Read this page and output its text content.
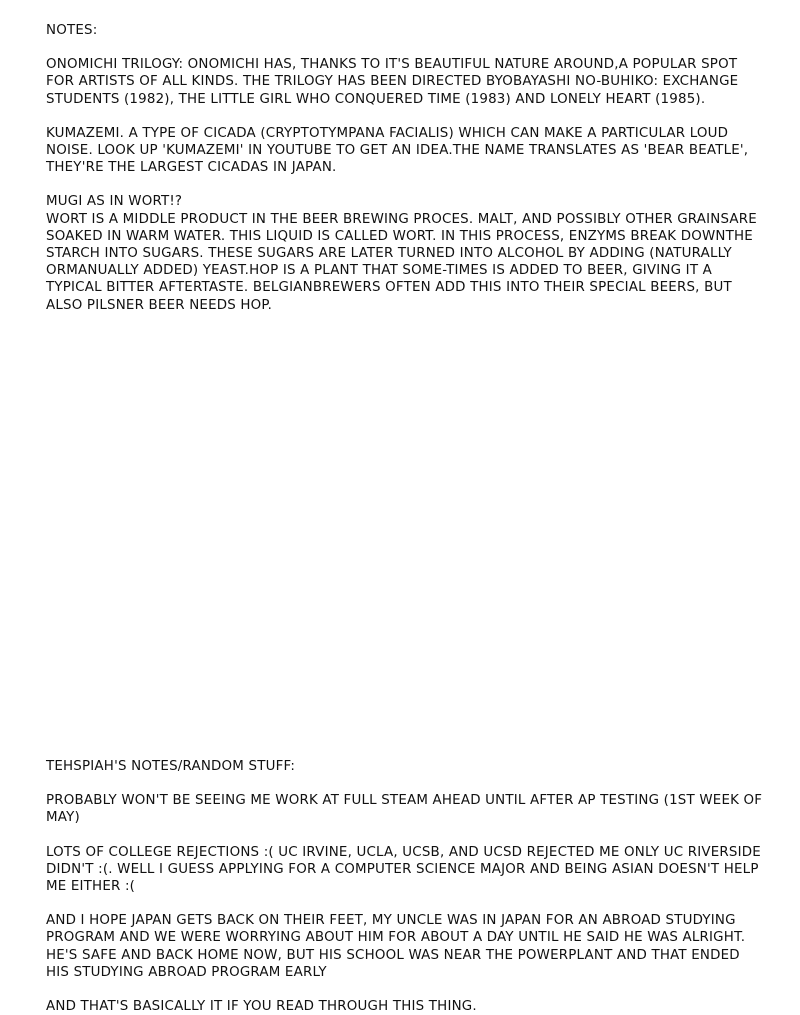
NOTES:

ONOMICHI TRILOGY: ONOMICHI HAS, THANKS TO IT'S BEAUTIFUL NATURE AROUND,A POPULAR SPOT FOR ARTISTS OF ALL KINDS. THE TRILOGY HAS BEEN DIRECTED BYOBAYASHI NO-BUHIKO: EXCHANGE STUDENTS (1982), THE LITTLE GIRL WHO CONQUERED TIME (1983) AND LONELY HEART (1985).

KUMAZEMI. A TYPE OF CICADA (CRYPTOTYMPANA FACIALIS) WHICH CAN MAKE A PARTICULAR LOUD NOISE. LOOK UP 'KUMAZEMI' IN YOUTUBE TO GET AN IDEA.THE NAME TRANSLATES AS 'BEAR BEATLE', THEY'RE THE LARGEST CICADAS IN JAPAN.

MUGI AS IN WORT!?

WORT IS A MIDDLE PRODUCT IN THE BEER BREWING PROCES. MALT, AND POSSIBLY OTHER GRAINSARE SOAKED IN WARM WATER. THIS LIQUID IS CALLED WORT. IN THIS PROCESS, ENZYMS BREAK DOWNTHE STARCH INTO SUGARS. THESE SUGARS ARE LATER TURNED INTO ALCOHOL BY ADDING (NATURALLY ORMANUALLY ADDED) YEAST.HOP IS A PLANT THAT SOME-TIMES IS ADDED TO BEER, GIVING IT A TYPICAL BITTER AFTERTASTE. BELGIANBREWERS OFTEN ADD THIS INTO THEIR SPECIAL BEERS, BUT ALSO PILSNER BEER NEEDS HOP.

TEHSPIAH'S NOTES/RANDOM STUFF:

PROBABLY WON'T BE SEEING ME WORK AT FULL STEAM AHEAD UNTIL AFTER AP TESTING (1ST WEEK OF MAY)

LOTS OF COLLEGE REJECTIONS :( UC IRVINE, UCLA, UCSB, AND UCSD REJECTED ME ONLY UC RIVERSIDE DIDN'T :(. WELL I GUESS APPLYING FOR A COMPUTER SCIENCE MAJOR AND BEING ASIAN DOESN'T HELP ME EITHER :(

AND I HOPE JAPAN GETS BACK ON THEIR FEET, MY UNCLE WAS IN JAPAN FOR AN ABROAD STUDYING PROGRAM AND WE WERE WORRYING ABOUT HIM FOR ABOUT A DAY UNTIL HE SAID HE WAS ALRIGHT. HE'S SAFE AND BACK HOME NOW, BUT HIS SCHOOL WAS NEAR THE POWERPLANT AND THAT ENDED HIS STUDYING ABROAD PROGRAM EARLY

AND THAT'S BASICALLY IT IF YOU READ THROUGH THIS THING.
